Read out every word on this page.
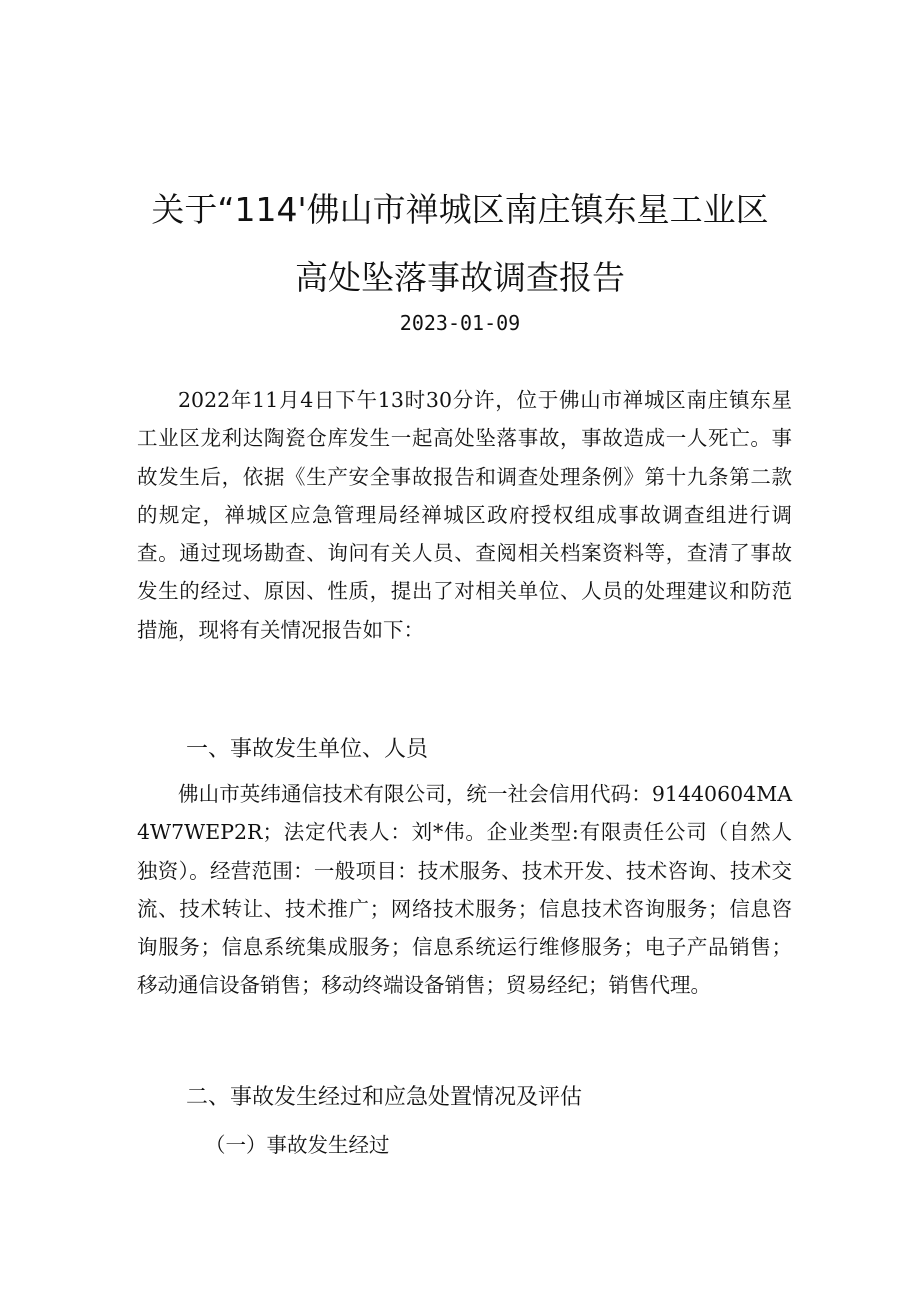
关于“114'佛山市禅城区南庄镇东星工业区
高处坠落事故调查报告
2023-01-09
2022年11月4日下午13时30分许，位于佛山市禅城区南庄镇东星工业区龙利达陶瓷仓库发生一起高处坠落事故，事故造成一人死亡。事故发生后，依据《生产安全事故报告和调查处理条例》第十九条第二款的规定，禅城区应急管理局经禅城区政府授权组成事故调查组进行调查。通过现场勘查、询问有关人员、查阅相关档案资料等，查清了事故发生的经过、原因、性质，提出了对相关单位、人员的处理建议和防范措施，现将有关情况报告如下：
一、事故发生单位、人员
佛山市英纬通信技术有限公司，统一社会信用代码：91440604MA4W7WEP2R；法定代表人：刘*伟。企业类型:有限责任公司（自然人独资）。经营范围：一般项目：技术服务、技术开发、技术咨询、技术交流、技术转让、技术推广；网络技术服务；信息技术咨询服务；信息咨询服务；信息系统集成服务；信息系统运行维修服务；电子产品销售；移动通信设备销售；移动终端设备销售；贸易经纪；销售代理。
二、事故发生经过和应急处置情况及评估
（一）事故发生经过
